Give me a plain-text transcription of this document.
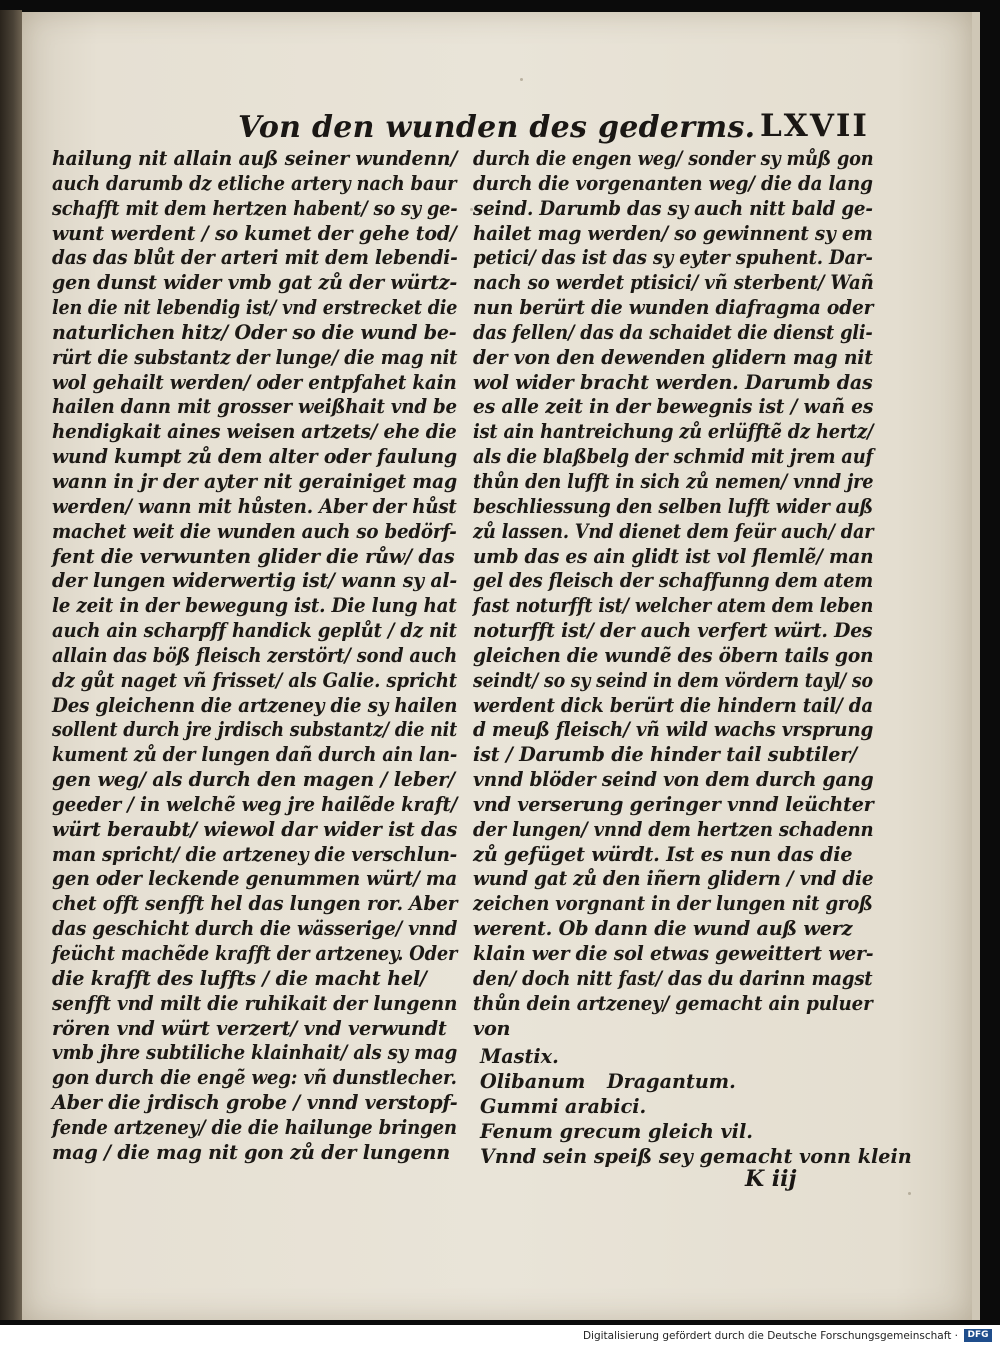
Von den wunden des gederms. LXVII
hailung nit allain auß seiner wundenn/
auch darumb dz etliche artery nach baur
schafft mit dem hertzen habent/ so sy ge-
wunt werdent / so kumet der gehe tod/
das das blůt der arteri mit dem lebendi-
gen dunst wider vmb gat zů der würtz-
len die nit lebendig ist/ vnd erstrecket die
naturlichen hitz/ Oder so die wund be-
rürt die substantz der lunge/ die mag nit
wol gehailt werden/ oder entpfahet kain
hailen dann mit grosser weißhait vnd be
hendigkait aines weisen artzets/ ehe die
wund kumpt zů dem alter oder faulung
wann in jr der ayter nit gerainiget mag
werden/ wann mit hůsten. Aber der hůst
machet weit die wunden auch so bedörf-
fent die verwunten glider die růw/ das
der lungen widerwertig ist/ wann sy al-
le zeit in der bewegung ist. Die lung hat
auch ain scharpff handick geplůt / dz nit
allain das böß fleisch zerstört/ sond auch
dz gůt naget vñ frisset/ als Galie. spricht
Des gleichenn die artzeney die sy hailen
sollent durch jre jrdisch substantz/ die nit
kument zů der lungen dañ durch ain lan-
gen weg/ als durch den magen / leber/
geeder / in welchẽ weg jre hailẽde kraft/
würt beraubt/ wiewol dar wider ist das
man spricht/ die artzeney die verschlun-
gen oder leckende genummen würt/ ma
chet offt senfft hel das lungen ror. Aber
das geschicht durch die wässerige/ vnnd
feücht machẽde krafft der artzeney. Oder
die krafft des luffts / die macht hel/
senfft vnd milt die ruhikait der lungenn
rören vnd würt verzert/ vnd verwundt
vmb jhre subtiliche klainhait/ als sy mag
gon durch die engẽ weg: vñ dunstlecher.
Aber die jrdisch grobe / vnnd verstopf-
fende artzeney/ die die hailunge bringen
mag / die mag nit gon zů der lungenn
durch die engen weg/ sonder sy můß gon
durch die vorgenanten weg/ die da lang
seind. Darumb das sy auch nitt bald ge-
hailet mag werden/ so gewinnent sy em
petici/ das ist das sy eyter spuhent. Dar-
nach so werdet ptisici/ vñ sterbent/ Wañ
nun berürt die wunden diafragma oder
das fellen/ das da schaidet die dienst gli-
der von den dewenden glidern mag nit
wol wider bracht werden. Darumb das
es alle zeit in der bewegnis ist / wañ es
ist ain hantreichung zů erlüfftẽ dz hertz/
als die blaßbelg der schmid mit jrem auf
thůn den lufft in sich zů nemen/ vnnd jre
beschliessung den selben lufft wider auß
zů lassen. Vnd dienet dem feür auch/ dar
umb das es ain glidt ist vol flemlẽ/ man
gel des fleisch der schaffunng dem atem
fast noturfft ist/ welcher atem dem leben
noturfft ist/ der auch verfert würt. Des
gleichen die wundẽ des öbern tails gon
seindt/ so sy seind in dem vördern tayl/ so
werdent dick berürt die hindern tail/ da
d meuß fleisch/ vñ wild wachs vrsprung
ist / Darumb die hinder tail subtiler/
vnnd blöder seind von dem durch gang
vnd verserung geringer vnnd leüchter
der lungen/ vnnd dem hertzen schadenn
zů gefüget würdt. Ist es nun das die
wund gat zů den iñern glidern / vnd die
zeichen vorgnant in der lungen nit groß
werent. Ob dann die wund auß werz
klain wer die sol etwas geweittert wer-
den/ doch nitt fast/ das du darinn magst
thůn dein artzeney/ gemacht ain puluer
von
Mastix.
Olibanum Dragantum.
Gummi arabici.
Fenum grecum gleich vil.
Vnnd sein speiß sey gemacht vonn klein
K iij
Digitalisierung gefördert durch die Deutsche Forschungsgemeinschaft ·	DFG
